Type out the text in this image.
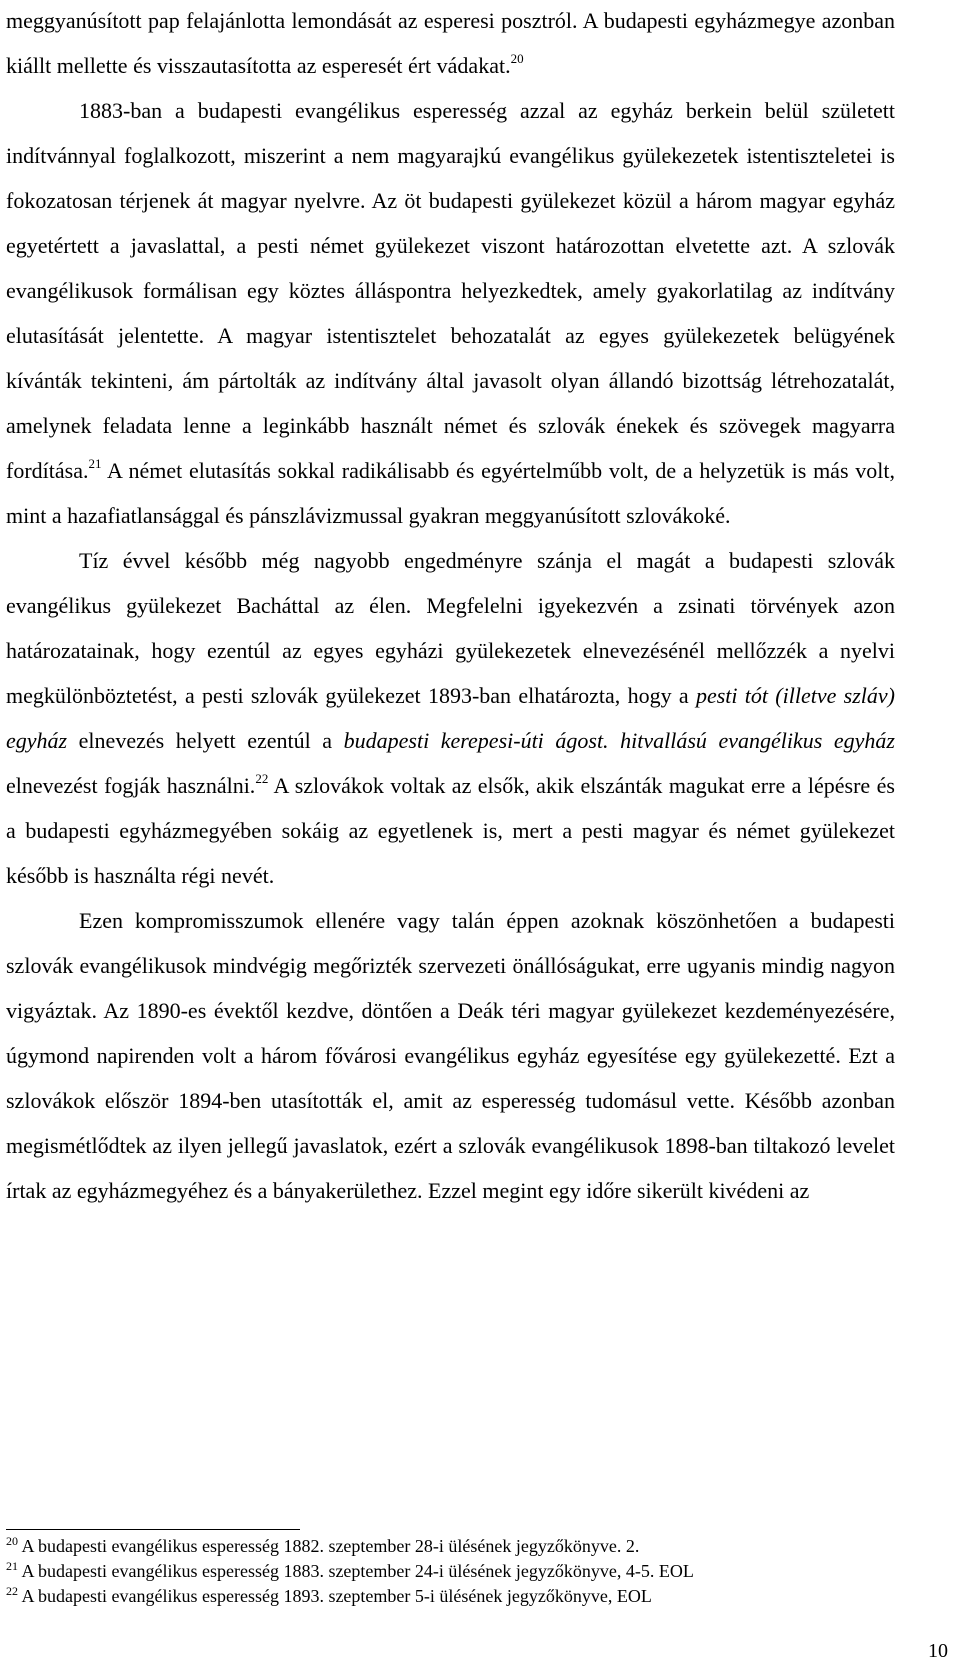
meggyanúsított pap felajánlotta lemondását az esperesi posztról. A budapesti egyházmegye azonban kiállt mellette és visszautasította az esperesét ért vádakat.$^{20}$

1883-ban a budapesti evangélikus esperesség azzal az egyház berkein belül született indítvánnyal foglalkozott, miszerint a nem magyarajkú evangélikus gyülekezetek istentiszteletei is fokozatosan térjenek át magyar nyelvre. Az öt budapesti gyülekezet közül a három magyar egyház egyetértett a javaslattal, a pesti német gyülekezet viszont határozottan elvetette azt. A szlovák evangélikusok formálisan egy köztes álláspontra helyezkedtek, amely gyakorlatilag az indítvány elutasítását jelentette. A magyar istentisztelet behozatalát az egyes gyülekezetek belügyének kívánták tekinteni, ám pártolták az indítvány által javasolt olyan állandó bizottság létrehozatalát, amelynek feladata lenne a leginkább használt német és szlovák énekek és szövegek magyarra fordítása.$^{21}$ A német elutasítás sokkal radikálisabb és egyértelműbb volt, de a helyzetük is más volt, mint a hazafiatlansággal és pánszlávizmussal gyakran meggyanúsított szlovákoké.

Tíz évvel később még nagyobb engedményre szánja el magát a budapesti szlovák evangélikus gyülekezet Bacháttal az élen. Megfelelni igyekezvén a zsinati törvények azon határozatainak, hogy ezentúl az egyes egyházi gyülekezetek elnevezésénél mellőzzék a nyelvi megkülönböztetést, a pesti szlovák gyülekezet 1893-ban elhatározta, hogy a pesti tót (illetve szláv) egyház elnevezés helyett ezentúl a budapesti kerepesi-úti ágost. hitvallású evangélikus egyház elnevezést fogják használni.$^{22}$ A szlovákok voltak az elsők, akik elszánták magukat erre a lépésre és a budapesti egyházmegyében sokáig az egyetlenek is, mert a pesti magyar és német gyülekezet később is használta régi nevét.

Ezen kompromisszumok ellenére vagy talán éppen azoknak köszönhetően a budapesti szlovák evangélikusok mindvégig megőrizték szervezeti önállóságukat, erre ugyanis mindig nagyon vigyáztak. Az 1890-es évektől kezdve, döntően a Deák téri magyar gyülekezet kezdeményezésére, úgymond napirenden volt a három fővárosi evangélikus egyház egyesítése egy gyülekezetté. Ezt a szlovákok először 1894-ben utasították el, amit az esperesség tudomásul vette. Később azonban megismétlődtek az ilyen jellegű javaslatok, ezért a szlovák evangélikusok 1898-ban tiltakozó levelet írtak az egyházmegyéhez és a bányakerülethez. Ezzel megint egy időre sikerült kivédeni az

$^{20}$ A budapesti evangélikus esperesség 1882. szeptember 28-i ülésének jegyzőkönyve. 2.

$^{21}$ A budapesti evangélikus esperesség 1883. szeptember 24-i ülésének jegyzőkönyve, 4-5. EOL

$^{22}$ A budapesti evangélikus esperesség 1893. szeptember 5-i ülésének jegyzőkönyve, EOL

10
